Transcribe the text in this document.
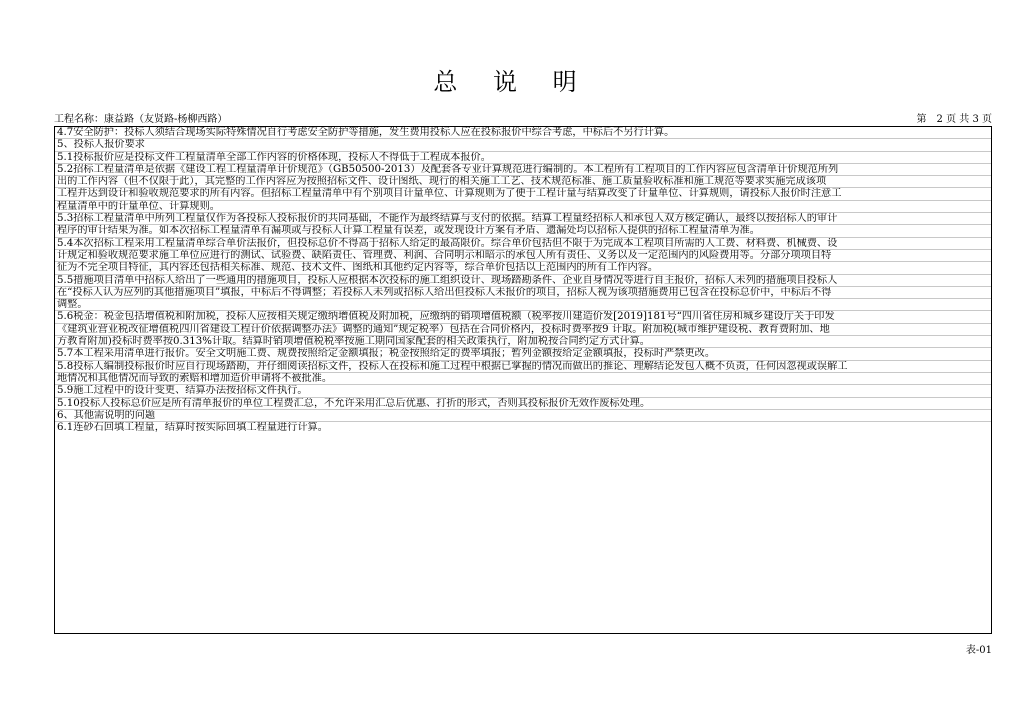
总 说 明
工程名称：康益路（友贤路-杨柳西路）	第　2 页 共 3 页
4.7安全防护：投标人须结合现场实际特殊情况自行考虑安全防护等措施，发生费用投标人应在投标报价中综合考虑，中标后不另行计算。
5、投标人报价要求
5.1投标报价应是投标文件工程量清单全部工作内容的价格体现，投标人不得低于工程成本报价。
5.2招标工程量清单是依据《建设工程工程量清单计价规范》（GB50500-2013）及配套各专业计算规范进行编制的。本工程所有工程项目的工作内容应包含清单计价规范所列
出的工作内容（但不仅限于此），其完整的工作内容应为按照招标文件、设计图纸、现行的相关施工工艺、技术规范标准、施工质量验收标准和施工规范等要求实施完成该项
工程并达到设计和验收规范要求的所有内容。但招标工程量清单中有个别项目计量单位、计算规则为了便于工程计量与结算改变了计量单位、计算规则，请投标人报价时注意工
程量清单中的计量单位、计算规则。
5.3招标工程量清单中所列工程量仅作为各投标人投标报价的共同基础，不能作为最终结算与支付的依据。结算工程量经招标人和承包人双方核定确认，最终以按招标人的审计
程序的审计结果为准。如本次招标工程量清单有漏项或与投标人计算工程量有误差，或发现设计方案有矛盾、遗漏处均以招标人提供的招标工程量清单为准。
5.4本次招标工程采用工程量清单综合单价法报价，但投标总价不得高于招标人给定的最高限价。综合单价包括但不限于为完成本工程项目所需的人工费、材料费、机械费、设
计规定和验收规范要求施工单位应进行的测试、试验费、缺陷责任、管理费、利润、合同明示和暗示的承包人所有责任、义务以及一定范围内的风险费用等。分部分项项目特
征为不完全项目特征，其内容还包括相关标准、规范、技术文件、图纸和其他约定内容等，综合单价包括以上范围内的所有工作内容。
5.5措施项目清单中招标人给出了一些通用的措施项目，投标人应根据本次投标的施工组织设计、现场踏勘条件、企业自身情况等进行自主报价，招标人未列的措施项目投标人
在“投标人认为应列的其他措施项目”填报，中标后不得调整；若投标人未列或招标人给出但投标人未报价的项目，招标人视为该项措施费用已包含在投标总价中，中标后不得
调整。
5.6税金：税金包括增值税和附加税，投标人应按相关规定缴纳增值税及附加税，应缴纳的销项增值税额（税率按川建造价发[2019]181号“四川省住房和城乡建设厅关于印发
《建筑业营业税改征增值税四川省建设工程计价依据调整办法》调整的通知”规定税率）包括在合同价格内，投标时费率按9 计取。附加税(城市维护建设税、教育费附加、地
方教育附加)投标时费率按0.313%计取。结算时销项增值税税率按施工期同国家配套的相关政策执行，附加税按合同约定方式计算。
5.7本工程采用清单进行报价。安全文明施工费、规费按照给定金额填报；税金按照给定的费率填报；暂列金额按给定金额填报，投标时严禁更改。
5.8投标人编制投标报价时应自行现场踏勘，并仔细阅读招标文件，投标人在投标和施工过程中根据已掌握的情况而做出的推论、理解结论发包人概不负责，任何因忽视或误解工
地情况和其他情况而导致的索赔和增加造价申请将不被批准。
5.9施工过程中的设计变更、结算办法按招标文件执行。
5.10投标人投标总价应是所有清单报价的单位工程费汇总，不允许采用汇总后优惠、打折的形式，否则其投标报价无效作废标处理。
6、其他需说明的问题
6.1连砂石回填工程量，结算时按实际回填工程量进行计算。
表-01
